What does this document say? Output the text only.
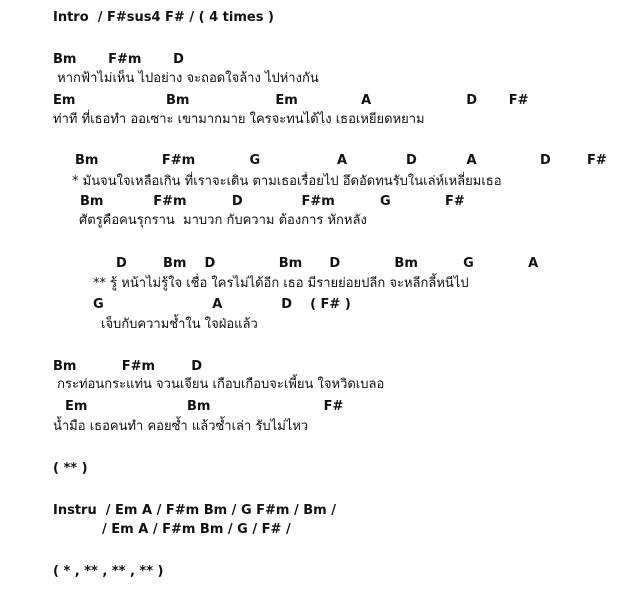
Intro  / F#sus4 F# / ( 4 times )
Bm       F#m       D
หากฟ้าไม่เห็น ไปอย่าง จะถอดใจล้าง ไปห่างกัน
Em                    Bm                   Em              A                     D       F#
ท่าที ที่เธอทำ ออเซาะ เขามากมาย ใครจะทนได้ไง เธอเหยียดหยาม
Bm              F#m            G                 A             D           A              D        F#
* มันจนใจเหลือเกิน ที่เราจะเดิน ตามเธอเรื่อยไป อึดอัดทนรับในเล่ห์เหลี่ยมเธอ
Bm           F#m          D             F#m          G            F#
ศัตรูคือคนรุกราน  มาบวก กับความ ต้องการ หักหลัง
D        Bm    D              Bm      D            Bm          G            A
** รู้ หน้าไม่รู้ใจ เชื่อ ใครไม่ได้อีก เธอ มีรายย่อยปลีก จะหลีกลี้หนีไป
G                        A             D    ( F# )
เจ็บกับความช้ำใน ใจฝ่อแล้ว
Bm          F#m        D
กระท่อนกระแท่น จวนเจียน เกือบเกือบจะเพี้ยน ใจหวิดเบลอ
Em                      Bm                         F#
น้ำมือ เธอคนทำ คอยซ้ำ แล้วซ้ำเล่า รับไม่ไหว
( ** )
Instru  / Em A / F#m Bm / G F#m / Bm /
/ Em A / F#m Bm / G / F# /
( * , ** , ** , ** )
